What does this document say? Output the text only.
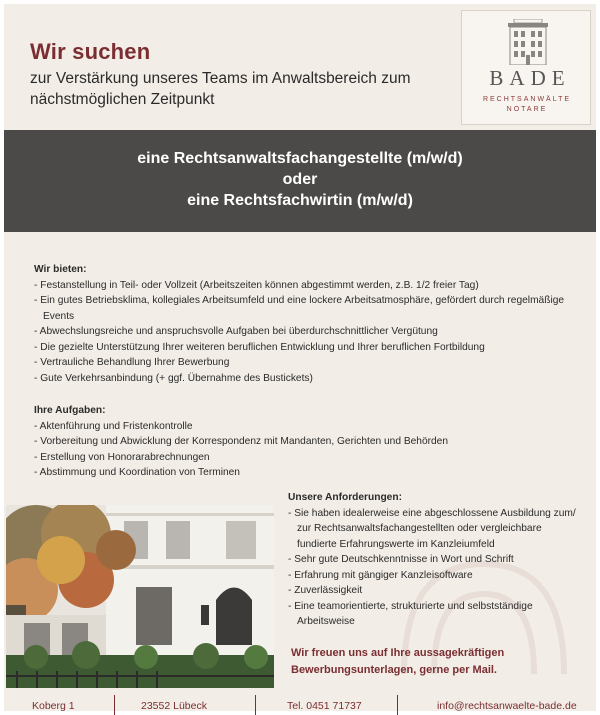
Wir suchen
zur Verstärkung unseres Teams im Anwaltsbereich zum nächstmöglichen Zeitpunkt
BADE
RECHTSANWÄLTE
NOTARE
eine Rechtsanwaltsfachangestellte (m/w/d)
oder
eine Rechtsfachwirtin (m/w/d)
Wir bieten:
- Festanstellung in Teil- oder Vollzeit (Arbeitszeiten können abgestimmt werden, z.B. 1/2 freier Tag)
- Ein gutes Betriebsklima, kollegiales Arbeitsumfeld und eine lockere Arbeitsatmosphäre, gefördert durch regelmäßige Events
- Abwechslungsreiche und anspruchsvolle Aufgaben bei überdurchschnittlicher Vergütung
- Die gezielte Unterstützung Ihrer weiteren beruflichen Entwicklung und Ihrer beruflichen Fortbildung
- Vertrauliche Behandlung Ihrer Bewerbung
- Gute Verkehrsanbindung (+ ggf. Übernahme des Bustickets)
Ihre Aufgaben:
- Aktenführung und Fristenkontrolle
- Vorbereitung und Abwicklung der Korrespondenz mit Mandanten, Gerichten und Behörden
- Erstellung von Honorarabrechnungen
- Abstimmung und Koordination von Terminen
Unsere Anforderungen:
- Sie haben idealerweise eine abgeschlossene Ausbildung zum/ zur Rechtsanwaltsfachangestellten oder vergleichbare fundierte Erfahrungswerte im Kanzleiumfeld
- Sehr gute Deutschkenntnisse in Wort und Schrift
- Erfahrung mit gängiger Kanzleisoftware
- Zuverlässigkeit
- Eine teamorientierte, strukturierte und selbstständige Arbeitsweise
Wir freuen uns auf Ihre aussagekräftigen
Bewerbungsunterlagen, gerne per Mail.
Koberg 1	23552 Lübeck	Tel. 0451 71737	info@rechtsanwaelte-bade.de
